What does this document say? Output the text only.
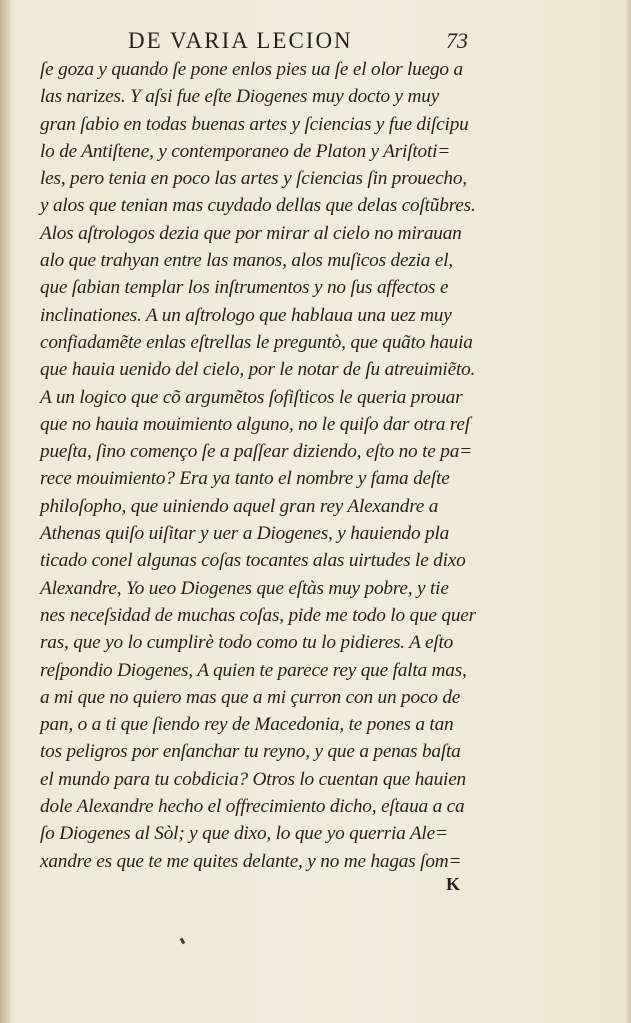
DE VARIA LECION	73
ſe goza y quando ſe pone enlos pies ua ſe el olor luego a
las narizes. Y aſsi fue eſte Diogenes muy docto y muy
gran ſabio en todas buenas artes y ſciencias y fue diſcipu
lo de Antiſtene, y contemporaneo de Platon y Ariſtoti=
les, pero tenia en poco las artes y ſciencias ſin prouecho,
y alos que tenian mas cuydado dellas que delas coſtũbres.
Alos aſtrologos dezia que por mirar al cielo no mirauan
alo que trahyan entre las manos, alos muſicos dezia el,
que ſabian templar los inſtrumentos y no ſus affectos e
inclinationes. A un aſtrologo que hablaua una uez muy
confiadamẽte enlas eſtrellas le preguntò, que quãto hauia
que hauia uenido del cielo, por le notar de ſu atreuimiẽto.
A un logico que cõ argumẽtos ſofiſticos le queria prouar
que no hauia mouimiento alguno, no le quiſo dar otra reſ
pueſta, ſino començo ſe a paſſear diziendo, eſto no te pa=
rece mouimiento? Era ya tanto el nombre y fama deſte
philoſopho, que uiniendo aquel gran rey Alexandre a
Athenas quiſo uiſitar y uer a Diogenes, y hauiendo pla
ticado conel algunas coſas tocantes alas uirtudes le dixo
Alexandre, Yo ueo Diogenes que eſtàs muy pobre, y tie
nes neceſsidad de muchas coſas, pide me todo lo que quer
ras, que yo lo cumplirè todo como tu lo pidieres. A eſto
reſpondio Diogenes, A quien te parece rey que falta mas,
a mi que no quiero mas que a mi çurron con un poco de
pan, o a ti que ſiendo rey de Macedonia, te pones a tan
tos peligros por enſanchar tu reyno, y que a penas baſta
el mundo para tu cobdicia? Otros lo cuentan que hauien
dole Alexandre hecho el offrecimiento dicho, eſtaua a ca
ſo Diogenes al Sòl; y que dixo, lo que yo querria Ale=
xandre es que te me quites delante, y no me hagas ſom=
K
